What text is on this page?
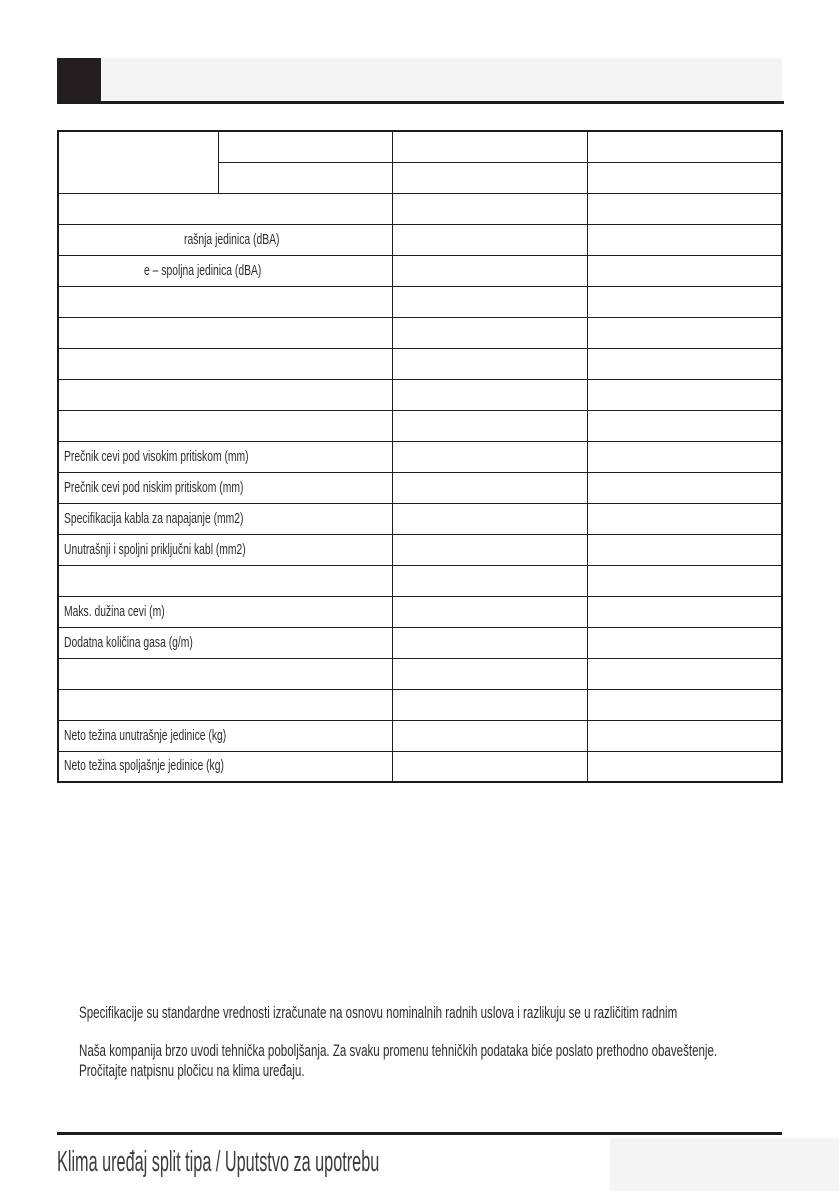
rašnja jedinica (dBA)			
e – spoljna jedinica (dBA)			

Prečnik cevi pod visokim pritiskom (mm)			
Prečnik cevi pod niskim pritiskom (mm)			
Specifikacija kabla za napajanje (mm2)			
Unutrašnji i spoljni priključni kabl (mm2)			

Maks. dužina cevi (m)			
Dodatna količina gasa (g/m)			

Neto težina unutrašnje jedinice (kg)			
Neto težina spoljašnje jedinice (kg)			
Specifikacije su standardne vrednosti izračunate na osnovu nominalnih radnih uslova i razlikuju se u različitim radnim
Naša kompanija brzo uvodi tehnička poboljšanja. Za svaku promenu tehničkih podataka biće poslato prethodno obaveštenje.
Pročitajte natpisnu pločicu na klima uređaju.
Klima uređaj split tipa / Uputstvo za upotrebu
